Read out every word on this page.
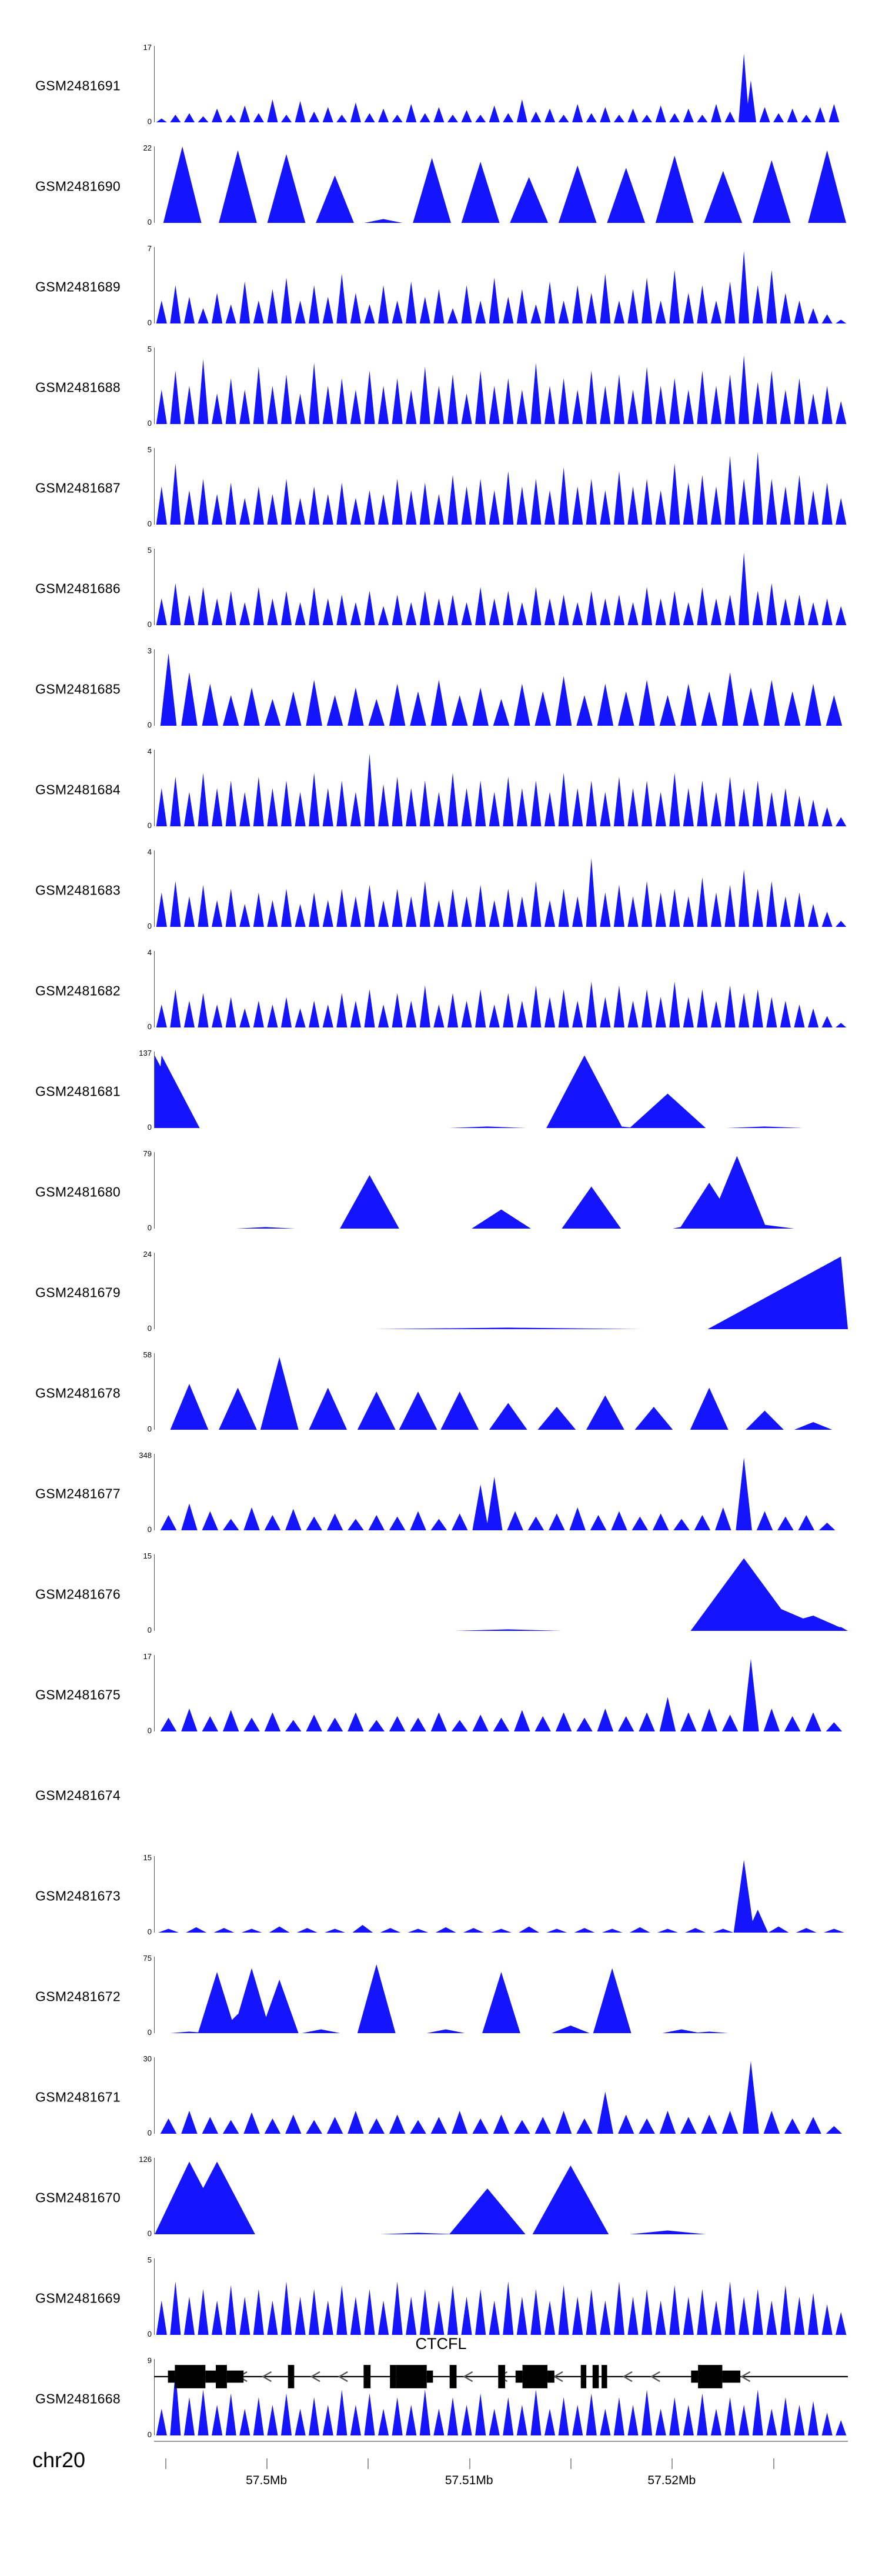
GSM2481691
17
0
GSM2481690
22
0
GSM2481689
7
0
GSM2481688
5
0
GSM2481687
5
0
GSM2481686
5
0
GSM2481685
3
0
GSM2481684
4
0
GSM2481683
4
0
GSM2481682
4
0
GSM2481681
137
0
GSM2481680
79
0
GSM2481679
24
0
GSM2481678
58
0
GSM2481677
348
0
GSM2481676
15
0
GSM2481675
17
0
GSM2481674
GSM2481673
15
0
GSM2481672
75
0
GSM2481671
30
0
GSM2481670
126
0
GSM2481669
5
0
GSM2481668
9
0
CTCFL
chr20
57.5Mb	57.51Mb	57.52Mb
